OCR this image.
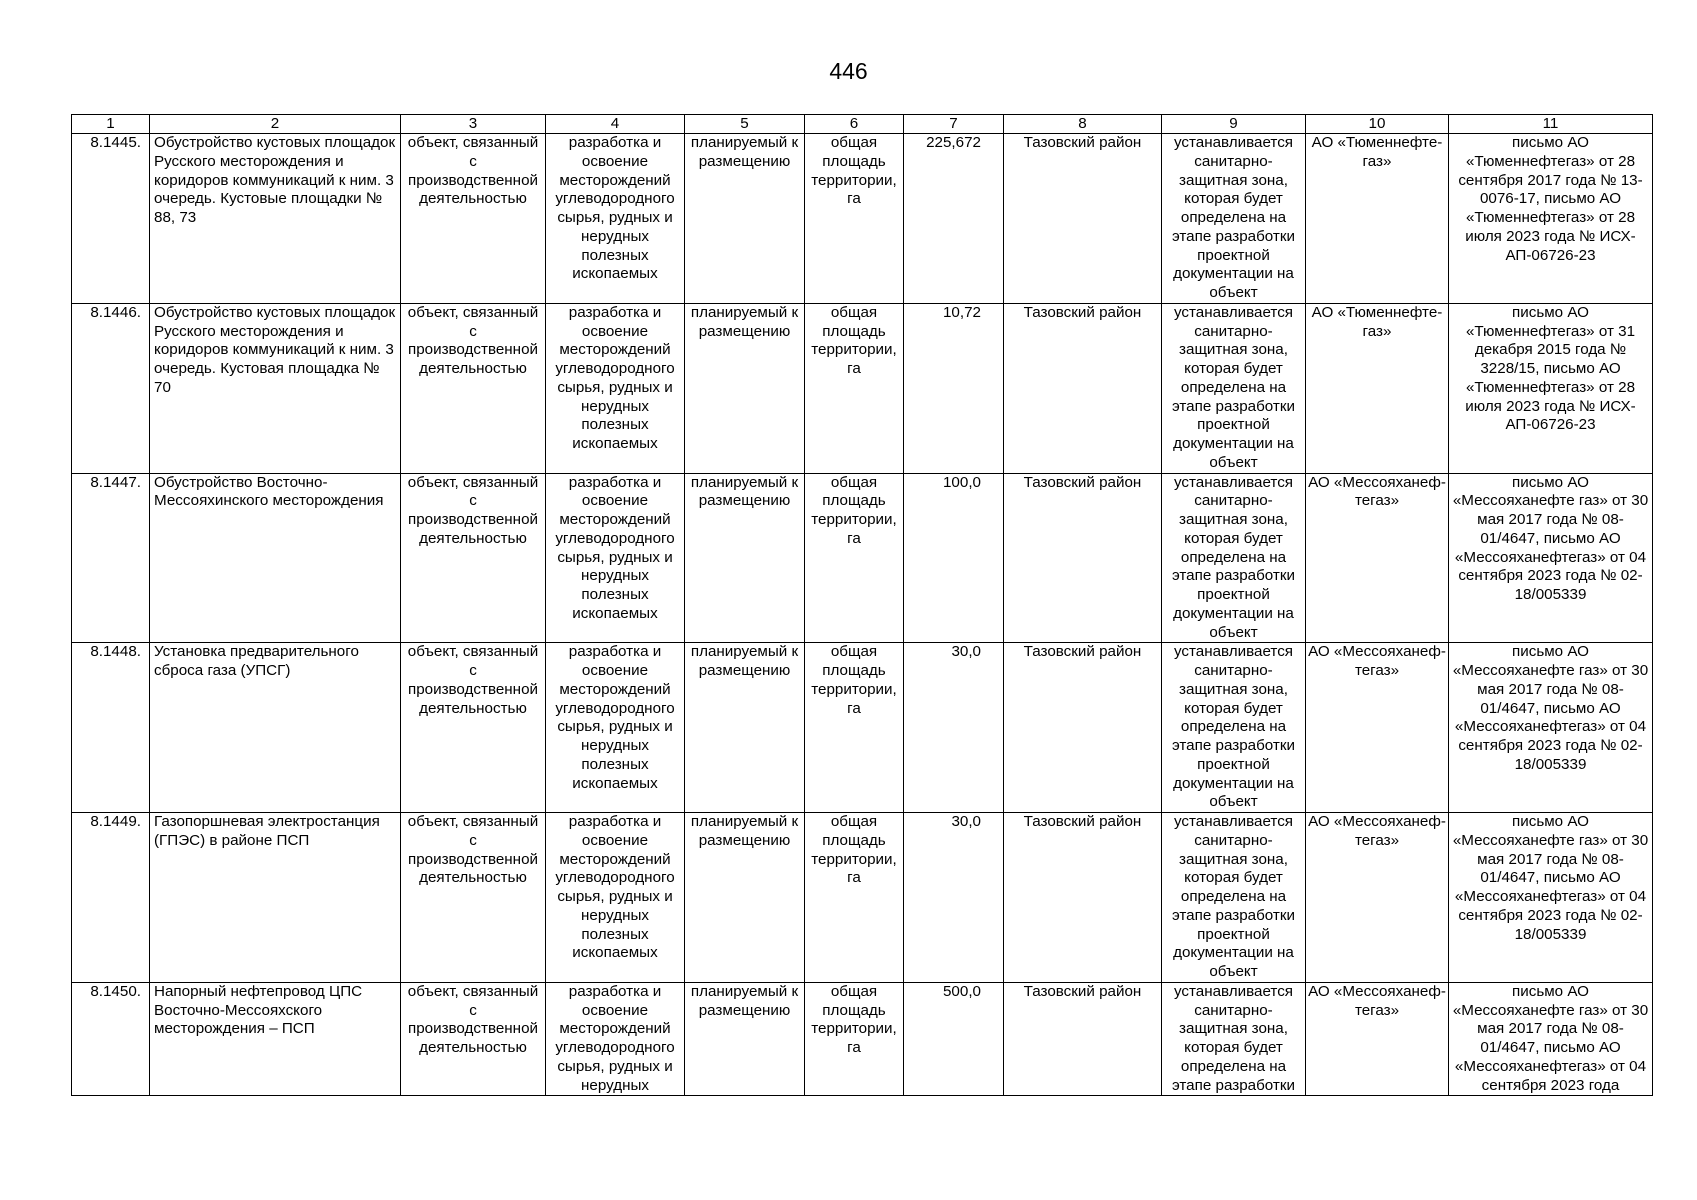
446
1	2	3	4	5	6	7	8	9	10	11
8.1445.	Обустройство кустовых площадок Русского месторождения и коридоров коммуникаций к ним. 3 очередь. Кустовые площадки № 88, 73	объект, связанный с производственной деятельностью	разработка и освоение месторождений углеводородного сырья, рудных и нерудных полезных ископаемых	планируемый к размещению	общая площадь территории, га	225,672	Тазовский район	устанавливается санитарно-защитная зона, которая будет определена на этапе разработки проектной документации на объект	АО «Тюменнефте-газ»	письмо АО «Тюменнефтегаз» от 28 сентября 2017 года № 13-0076-17, письмо АО «Тюменнефтегаз» от 28 июля 2023 года № ИСХ-АП-06726-23
8.1446.	Обустройство кустовых площадок Русского месторождения и коридоров коммуникаций к ним. 3 очередь. Кустовая площадка № 70	объект, связанный с производственной деятельностью	разработка и освоение месторождений углеводородного сырья, рудных и нерудных полезных ископаемых	планируемый к размещению	общая площадь территории, га	10,72	Тазовский район	устанавливается санитарно-защитная зона, которая будет определена на этапе разработки проектной документации на объект	АО «Тюменнефте-газ»	письмо АО «Тюменнефтегаз» от 31 декабря 2015 года № 3228/15, письмо АО «Тюменнефтегаз» от 28 июля 2023 года № ИСХ-АП-06726-23
8.1447.	Обустройство Восточно-Мессояхинского месторождения	объект, связанный с производственной деятельностью	разработка и освоение месторождений углеводородного сырья, рудных и нерудных полезных ископаемых	планируемый к размещению	общая площадь территории, га	100,0	Тазовский район	устанавливается санитарно-защитная зона, которая будет определена на этапе разработки проектной документации на объект	АО «Мессояханеф-тегаз»	письмо АО «Мессояханефте газ» от 30 мая 2017 года № 08-01/4647, письмо АО «Мессояханефтегаз» от 04 сентября 2023 года № 02-18/005339
8.1448.	Установка предварительного сброса газа (УПСГ)	объект, связанный с производственной деятельностью	разработка и освоение месторождений углеводородного сырья, рудных и нерудных полезных ископаемых	планируемый к размещению	общая площадь территории, га	30,0	Тазовский район	устанавливается санитарно-защитная зона, которая будет определена на этапе разработки проектной документации на объект	АО «Мессояханеф-тегаз»	письмо АО «Мессояханефте газ» от 30 мая 2017 года № 08-01/4647, письмо АО «Мессояханефтегаз» от 04 сентября 2023 года № 02-18/005339
8.1449.	Газопоршневая электростанция (ГПЭС) в районе ПСП	объект, связанный с производственной деятельностью	разработка и освоение месторождений углеводородного сырья, рудных и нерудных полезных ископаемых	планируемый к размещению	общая площадь территории, га	30,0	Тазовский район	устанавливается санитарно-защитная зона, которая будет определена на этапе разработки проектной документации на объект	АО «Мессояханеф-тегаз»	письмо АО «Мессояханефте газ» от 30 мая 2017 года № 08-01/4647, письмо АО «Мессояханефтегаз» от 04 сентября 2023 года № 02-18/005339
8.1450.	Напорный нефтепровод ЦПС Восточно-Мессояхского месторождения – ПСП	объект, связанный с производственной деятельностью	разработка и освоение месторождений углеводородного сырья, рудных и нерудных	планируемый к размещению	общая площадь территории, га	500,0	Тазовский район	устанавливается санитарно-защитная зона, которая будет определена на этапе разработки	АО «Мессояханеф-тегаз»	письмо АО «Мессояханефте газ» от 30 мая 2017 года № 08-01/4647, письмо АО «Мессояханефтегаз» от 04 сентября 2023 года
